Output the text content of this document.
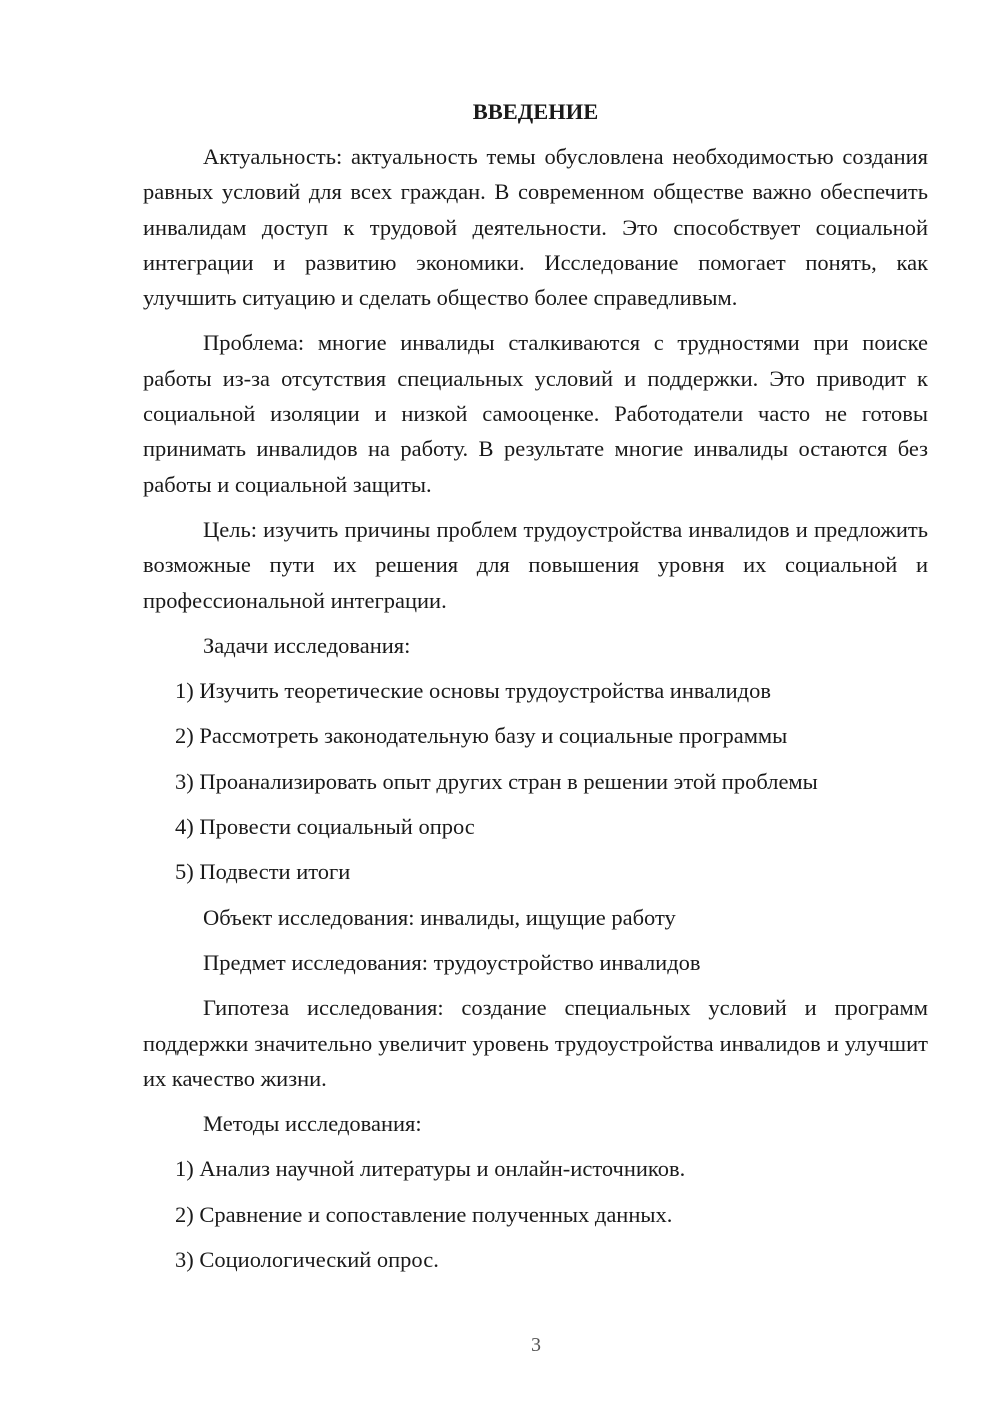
ВВЕДЕНИЕ

Актуальность: актуальность темы обусловлена необходимостью создания равных условий для всех граждан. В современном обществе важно обеспечить инвалидам доступ к трудовой деятельности. Это способствует социальной интеграции и развитию экономики. Исследование помогает понять, как улучшить ситуацию и сделать общество более справедливым.

Проблема: многие инвалиды сталкиваются с трудностями при поиске работы из-за отсутствия специальных условий и поддержки. Это приводит к социальной изоляции и низкой самооценке. Работодатели часто не готовы принимать инвалидов на работу. В результате многие инвалиды остаются без работы и социальной защиты.

Цель: изучить причины проблем трудоустройства инвалидов и предложить возможные пути их решения для повышения уровня их социальной и профессиональной интеграции.

Задачи исследования:
1) Изучить теоретические основы трудоустройства инвалидов
2) Рассмотреть законодательную базу и социальные программы
3) Проанализировать опыт других стран в решении этой проблемы
4) Провести социальный опрос
5) Подвести итоги
Объект исследования: инвалиды, ищущие работу
Предмет исследования: трудоустройство инвалидов

Гипотеза исследования: создание специальных условий и программ поддержки значительно увеличит уровень трудоустройства инвалидов и улучшит их качество жизни.

Методы исследования:
1) Анализ научной литературы и онлайн-источников.
2) Сравнение и сопоставление полученных данных.
3) Социологический опрос.
3
